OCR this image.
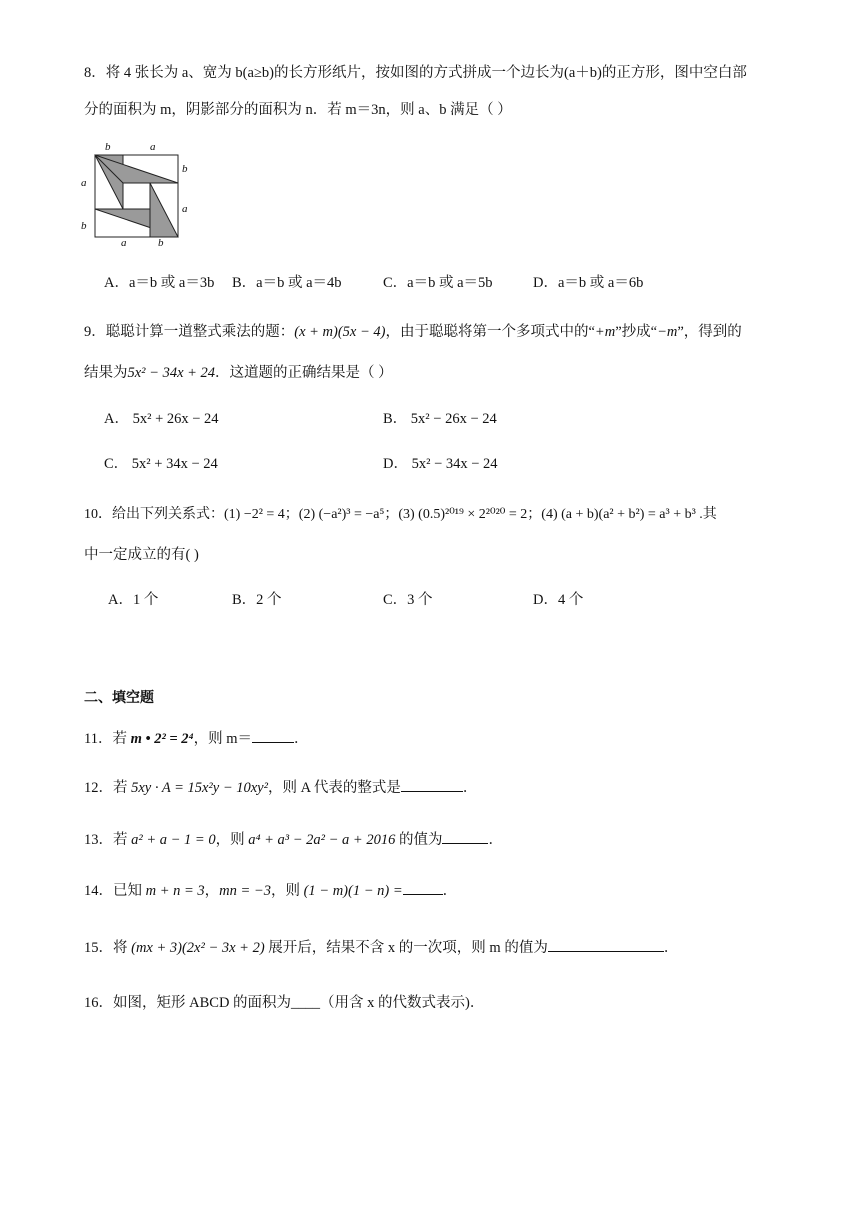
8．将 4 张长为 a、宽为 b(a≥b)的长方形纸片，按如图的方式拼成一个边长为(a＋b)的正方形，图中空白部
分的面积为 m，阴影部分的面积为 n．若 m＝3n，则 a、b 满足（ ）
b	a
b
a
a
b
a	b
A．a＝b 或 a＝3b B．a＝b 或 a＝4b	C．a＝b 或 a＝5b	D．a＝b 或 a＝6b
9．聪聪计算一道整式乘法的题：(x + m)(5x − 4)，由于聪聪将第一个多项式中的“+m”抄成“−m”，得到的
结果为5x² − 34x + 24．这道题的正确结果是（ ）
A． 5x² + 26x − 24	B． 5x² − 26x − 24
C． 5x² + 34x − 24	D． 5x² − 34x − 24
10．给出下列关系式：(1) −2² = 4；(2) (−a²)³ = −a⁵；(3) (0.5)²⁰¹⁹ × 2²⁰²⁰ = 2；(4) (a + b)(a² + b²) = a³ + b³ .其
中一定成立的有( )
A．1 个	B．2 个	C．3 个	D．4 个
二、填空题
11．若 m • 2² = 2⁴，则 m＝	．
12．若 5xy · A = 15x²y − 10xy²，则 A 代表的整式是	．
13．若 a² + a − 1 = 0，则 a⁴ + a³ − 2a² − a + 2016 的值为	．
14．已知 m + n = 3，mn = −3，则 (1 − m)(1 − n) =	．
15．将 (mx + 3)(2x² − 3x + 2) 展开后，结果不含 x 的一次项，则 m 的值为	．
16．如图，矩形 ABCD 的面积为____（用含 x 的代数式表示)．
